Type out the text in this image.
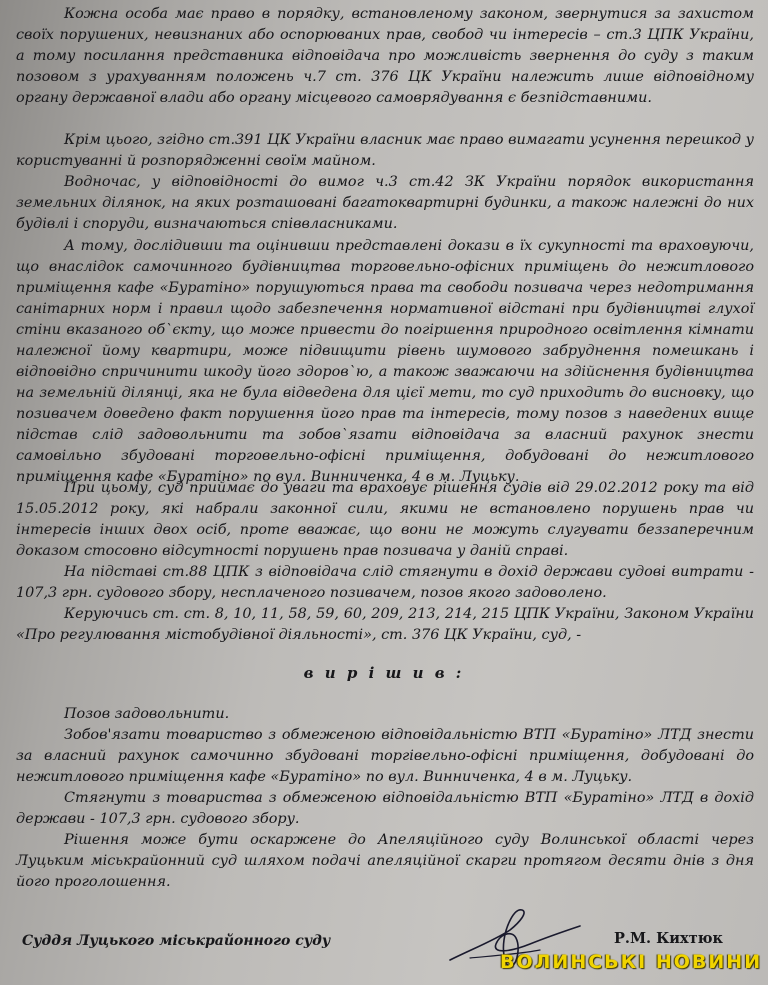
Кожна особа має право в порядку, встановленому законом, звернутися за захистом своїх порушених, невизнаних або оспорюваних прав, свобод чи інтересів – ст.3 ЦПК України, а тому посилання представника відповідача про можливість звернення до суду з таким позовом з урахуванням положень ч.7 ст. 376 ЦК України належить лише відповідному органу державної влади або органу місцевого самоврядування є безпідставними.

Крім цього, згідно ст.391 ЦК України власник має право вимагати усунення перешкод у користуванні й розпорядженні своїм майном.

Водночас, у відповідності до вимог ч.3 ст.42 ЗК України порядок використання земельних ділянок, на яких розташовані багатоквартирні будинки, а також належні до них будівлі і споруди, визначаються співвласниками.

А тому, дослідивши та оцінивши представлені докази в їх сукупності та враховуючи, що внаслідок самочинного будівництва торговельно-офісних приміщень до нежитлового приміщення кафе «Буратіно» порушуються права та свободи позивача через недотримання санітарних норм і правил щодо забезпечення нормативної відстані при будівництві глухої стіни вказаного об`єкту, що може привести до погіршення природного освітлення кімнати належної йому квартири, може підвищити рівень шумового забруднення помешкань і відповідно спричинити шкоду його здоров`ю, а також зважаючи на здійснення будівництва на земельній ділянці, яка не була відведена для цієї мети, то суд приходить до висновку, що позивачем доведено факт порушення його прав та інтересів, тому позов з наведених вище підстав слід задовольнити та зобов`язати відповідача за власний рахунок знести самовільно збудовані торговельно-офісні приміщення, добудовані до нежитлового приміщення кафе «Буратіно» по вул. Винниченка, 4 в м. Луцьку.

При цьому, суд приймає до уваги та враховує рішення судів від 29.02.2012 року та від 15.05.2012 року, які набрали законної сили, якими не встановлено порушень прав чи інтересів інших двох осіб, проте вважає, що вони не можуть слугувати беззаперечним доказом стосовно відсутності порушень прав позивача у даній справі.

На підставі ст.88 ЦПК з відповідача слід стягнути в дохід держави судові витрати - 107,3 грн. судового збору, несплаченого позивачем, позов якого задоволено.

Керуючись ст. ст. 8, 10, 11, 58, 59, 60, 209, 213, 214, 215 ЦПК України, Законом України «Про регулювання містобудівної діяльності», ст. 376 ЦК України, суд, -

в и р і ш и в :

Позов задовольнити.

Зобов'язати товариство з обмеженою відповідальністю ВТП «Буратіно» ЛТД знести за власний рахунок самочинно збудовані торгівельно-офісні приміщення, добудовані до нежитлового приміщення кафе «Буратіно» по вул. Винниченка, 4 в м. Луцьку.

Стягнути з товариства з обмеженою відповідальністю ВТП «Буратіно» ЛТД в дохід держави - 107,3 грн. судового збору.

Рішення може бути оскаржене до Апеляційного суду Волинської області через Луцьким міськрайонний суд шляхом подачі апеляційної скарги протягом десяти днів з дня його проголошення.

Суддя Луцького міськрайонного суду	Р.М. Кихтюк
ВОЛИНСЬКІ НОВИНИ
